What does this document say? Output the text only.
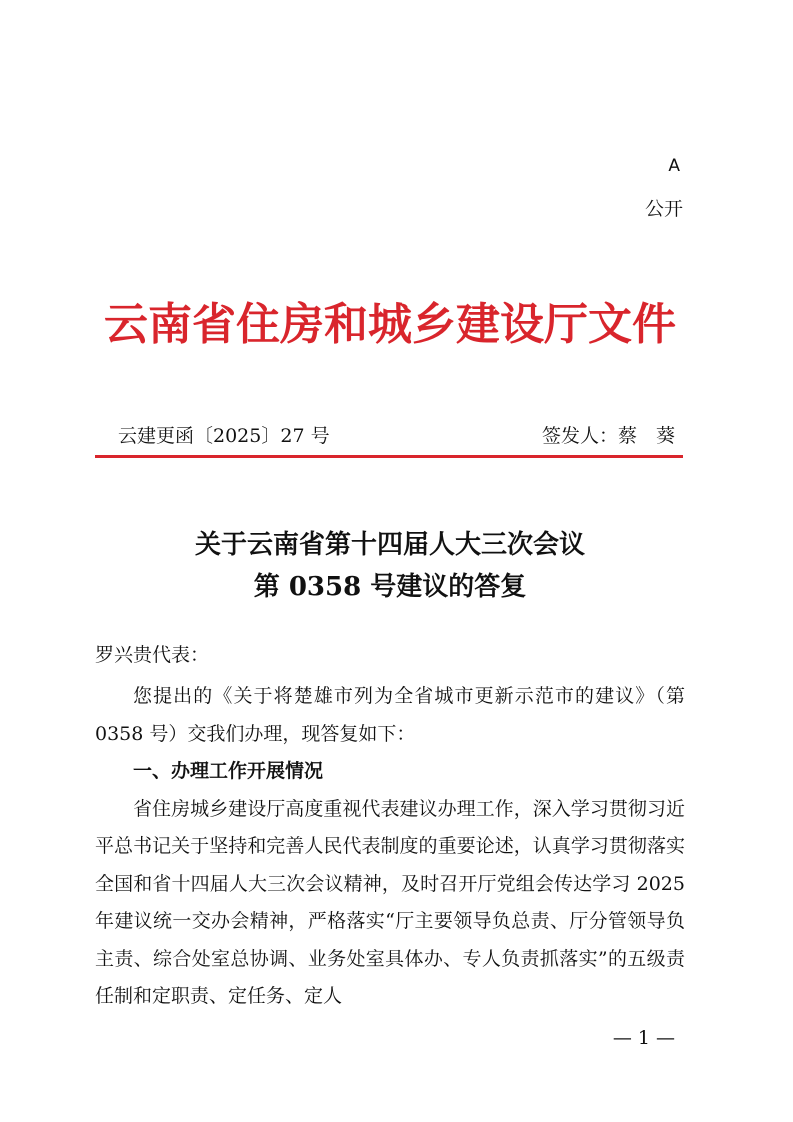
A
公开
云南省住房和城乡建设厅文件
云建更函〔2025〕27 号	签发人：蔡　葵
关于云南省第十四届人大三次会议
第 0358 号建议的答复
罗兴贵代表：

您提出的《关于将楚雄市列为全省城市更新示范市的建议》（第 0358 号）交我们办理，现答复如下：

一、办理工作开展情况

省住房城乡建设厅高度重视代表建议办理工作，深入学习贯彻习近平总书记关于坚持和完善人民代表制度的重要论述，认真学习贯彻落实全国和省十四届人大三次会议精神，及时召开厅党组会传达学习 2025 年建议统一交办会精神，严格落实“厅主要领导负总责、厅分管领导负主责、综合处室总协调、业务处室具体办、专人负责抓落实”的五级责任制和定职责、定任务、定人

— 1 —
